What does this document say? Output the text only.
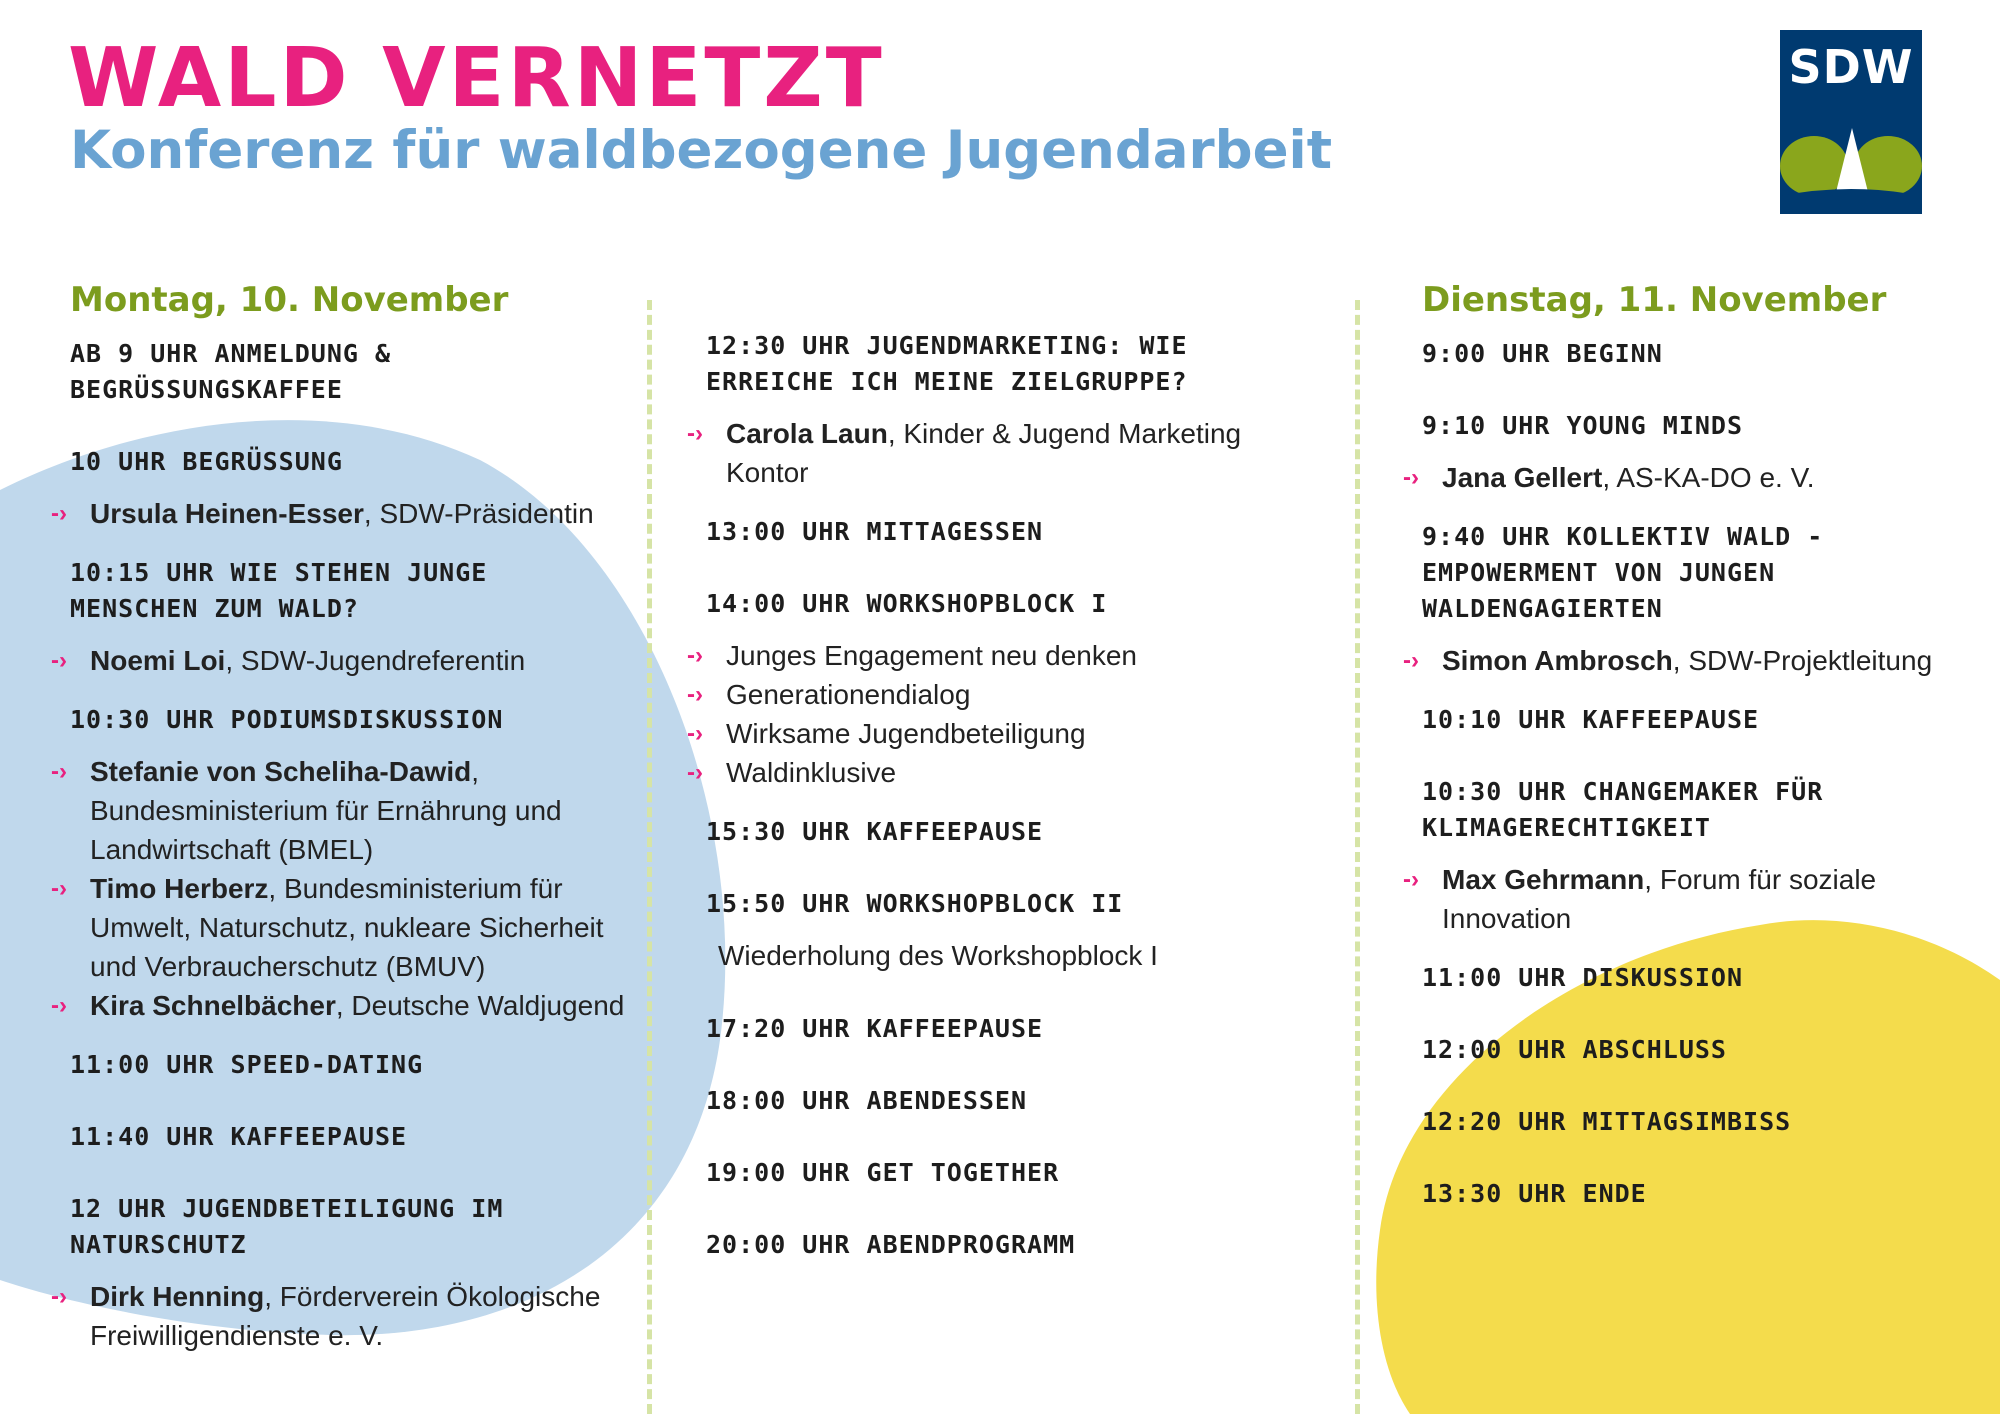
WALD VERNETZT
Konferenz für waldbezogene Jugendarbeit
SDW
Montag, 10. November
AB 9 UHR ANMELDUNG & BEGRÜSSUNGSKAFFEE
10 UHR BEGRÜSSUNG
-› Ursula Heinen-Esser, SDW-Präsidentin
10:15 UHR WIE STEHEN JUNGE MENSCHEN ZUM WALD?
-› Noemi Loi, SDW-Jugendreferentin
10:30 UHR PODIUMSDISKUSSION
-› Stefanie von Scheliha-Dawid, Bundesministerium für Ernährung und Landwirtschaft (BMEL)
-› Timo Herberz, Bundesministerium für Umwelt, Naturschutz, nukleare Sicherheit und Verbraucherschutz (BMUV)
-› Kira Schnelbächer, Deutsche Waldjugend
11:00 UHR SPEED-DATING
11:40 UHR KAFFEEPAUSE
12 UHR JUGENDBETEILIGUNG IM NATURSCHUTZ
-› Dirk Henning, Förderverein Ökologische Freiwilligendienste e. V.
12:30 UHR JUGENDMARKETING: WIE ERREICHE ICH MEINE ZIELGRUPPE?
-› Carola Laun, Kinder & Jugend Marketing Kontor
13:00 UHR MITTAGESSEN
14:00 UHR WORKSHOPBLOCK I
-› Junges Engagement neu denken
-› Generationendialog
-› Wirksame Jugendbeteiligung
-› Waldinklusive
15:30 UHR KAFFEEPAUSE
15:50 UHR WORKSHOPBLOCK II
Wiederholung des Workshopblock I
17:20 UHR KAFFEEPAUSE
18:00 UHR ABENDESSEN
19:00 UHR GET TOGETHER
20:00 UHR ABENDPROGRAMM
Dienstag, 11. November
9:00 UHR BEGINN
9:10 UHR YOUNG MINDS
-› Jana Gellert, AS-KA-DO e. V.
9:40 UHR KOLLEKTIV WALD - EMPOWERMENT VON JUNGEN WALDENGAGIERTEN
-› Simon Ambrosch, SDW-Projektleitung
10:10 UHR KAFFEEPAUSE
10:30 UHR CHANGEMAKER FÜR KLIMAGERECHTIGKEIT
-› Max Gehrmann, Forum für soziale Innovation
11:00 UHR DISKUSSION
12:00 UHR ABSCHLUSS
12:20 UHR MITTAGSIMBISS
13:30 UHR ENDE
